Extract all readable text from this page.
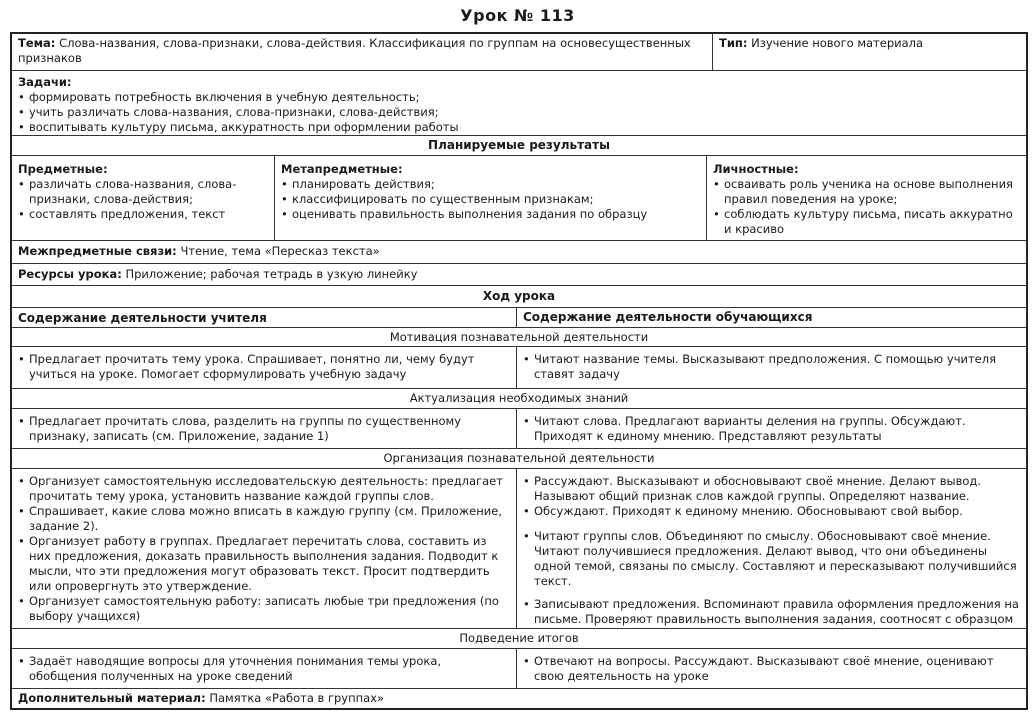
Урок № 113
Тема: Слова-названия, слова-признаки, слова-действия. Классификация по группам на основесущественных признаков
Тип: Изучение нового материала
Задачи:
• формировать потребность включения в учебную деятельность;
• учить различать слова-названия, слова-признаки, слова-действия;
• воспитывать культуру письма, аккуратность при оформлении работы
Планируемые результаты
Предметные:
• различать слова-названия, слова-признаки, слова-действия;
• составлять предложения, текст
Метапредметные:
• планировать действия;
• классифицировать по существенным признакам;
• оценивать правильность выполнения задания по образцу
Личностные:
• осваивать роль ученика на основе выполнения правил поведения на уроке;
• соблюдать культуру письма, писать аккуратно и красиво
Межпредметные связи: Чтение, тема «Пересказ текста»
Ресурсы урока: Приложение; рабочая тетрадь в узкую линейку
Ход урока
Содержание деятельности учителя	Содержание деятельности обучающихся
Мотивация познавательной деятельности
• Предлагает прочитать тему урока. Спрашивает, понятно ли, чему будут учиться на уроке. Помогает сформулировать учебную задачу
• Читают название темы. Высказывают предположения. С помощью учителя ставят задачу
Актуализация необходимых знаний
• Предлагает прочитать слова, разделить на группы по существенному признаку, записать (см. Приложение, задание 1)
• Читают слова. Предлагают варианты деления на группы. Обсуждают. Приходят к единому мнению. Представляют результаты
Организация познавательной деятельности
• Организует самостоятельную исследовательскую деятельность: предлагает прочитать тему урока, установить название каждой группы слов.
• Спрашивает, какие слова можно вписать в каждую группу (см. Приложение, задание 2).
• Организует работу в группах. Предлагает перечитать слова, составить из них предложения, доказать правильность выполнения задания. Подводит к мысли, что эти предложения могут образовать текст. Просит подтвердить или опровергнуть это утверждение.
• Организует самостоятельную работу: записать любые три предложения (по выбору учащихся)
• Рассуждают. Высказывают и обосновывают своё мнение. Делают вывод. Называют общий признак слов каждой группы. Определяют название.
• Обсуждают. Приходят к единому мнению. Обосновывают свой выбор.
• Читают группы слов. Объединяют по смыслу. Обосновывают своё мнение. Читают получившиеся предложения. Делают вывод, что они объединены одной темой, связаны по смыслу. Составляют и пересказывают получившийся текст.
• Записывают предложения. Вспоминают правила оформления предложения на письме. Проверяют правильность выполнения задания, соотносят с образцом
Подведение итогов
• Задаёт наводящие вопросы для уточнения понимания темы урока, обобщения полученных на уроке сведений
• Отвечают на вопросы. Рассуждают. Высказывают своё мнение, оценивают свою деятельность на уроке
Дополнительный материал: Памятка «Работа в группах»
